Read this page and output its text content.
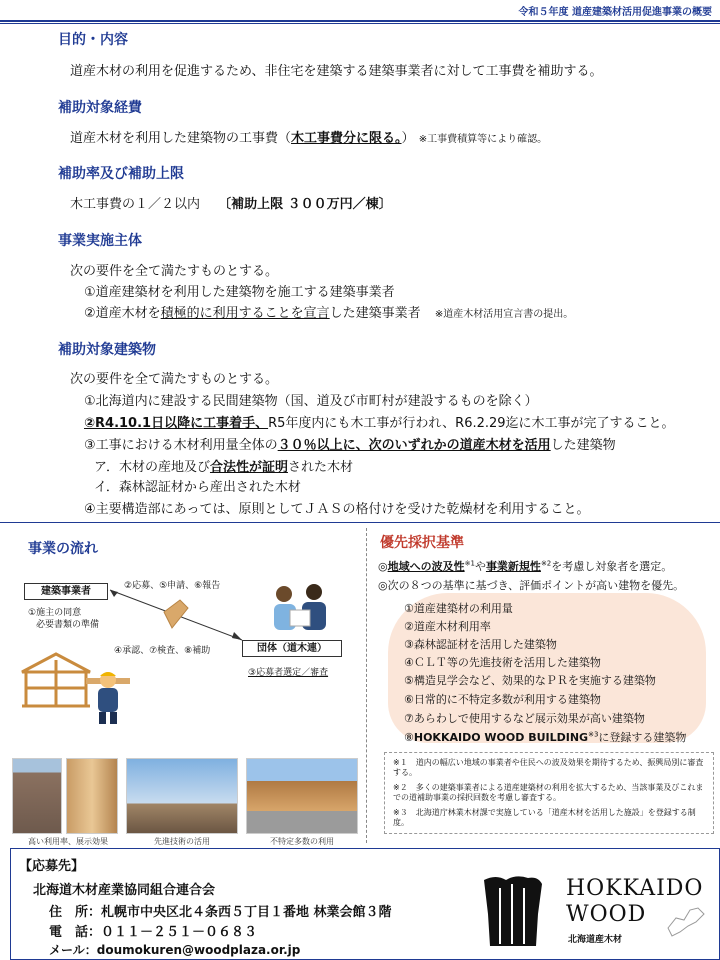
令和５年度 道産建築材活用促進事業の概要
目的・内容
道産木材の利用を促進するため、非住宅を建築する建築事業者に対して工事費を補助する。
補助対象経費
道産木材を利用した建築物の工事費（木工事費分に限る。） ※工事費積算等により確認。
補助率及び補助上限
木工事費の１／２以内 〔補助上限 ３００万円／棟〕
事業実施主体
次の要件を全て満たすものとする。
①道産建築材を利用した建築物を施工する建築事業者
②道産木材を積極的に利用することを宣言した建築事業者 ※道産木材活用宣言書の提出。
補助対象建築物
次の要件を全て満たすものとする。
①北海道内に建設する民間建築物（国、道及び市町村が建設するものを除く）
②R4.10.1日以降に工事着手、R5年度内にも木工事が行われ、R6.2.29迄に木工事が完了すること。
③工事における木材利用量全体の３０％以上に、次のいずれかの道産木材を活用した建築物
ア．木材の産地及び合法性が証明された木材
イ．森林認証材から産出された木材
④主要構造部にあっては、原則としてＪＡＳの格付けを受けた乾燥材を利用すること。
事業の流れ
建築事業者
団体（道木連）
②応募、⑤申請、⑥報告
④承認、⑦検査、⑧補助
①施主の同意
必要書類の準備
③応募者選定／審査
高い利用率、展示効果	先進技術の活用	不特定多数の利用
優先採択基準
◎地域への波及性$^{※1}$や事業新規性$^{※2}$を考慮し対象者を選定。
◎次の８つの基準に基づき、評価ポイントが高い建物を優先。
①道産建築材の利用量
②道産木材利用率
③森林認証材を活用した建築物
④ＣＬＴ等の先進技術を活用した建築物
⑤構造見学会など、効果的なＰＲを実施する建築物
⑥日常的に不特定多数が利用する建築物
⑦あらわしで使用するなど展示効果が高い建築物
⑧HOKKAIDO WOOD BUILDING$^{※3}$に登録する建築物
※１　道内の幅広い地域の事業者や住民への波及効果を期待するため、振興局別に審査する。
※２　多くの建築事業者による道産建築材の利用を拡大するため、当該事業及びこれまでの道補助事業の採択回数を考慮し審査する。
※３　北海道庁林業木材課で実施している「道産木材を活用した施設」を登録する制度。
【応募先】
北海道木材産業協同組合連合会
住　所：札幌市中央区北４条西５丁目１番地 林業会館３階
電　話：０１１－２５１－０６８３
メール：doumokuren@woodplaza.or.jp
HOKKAIDO
WOOD
北海道産木材
